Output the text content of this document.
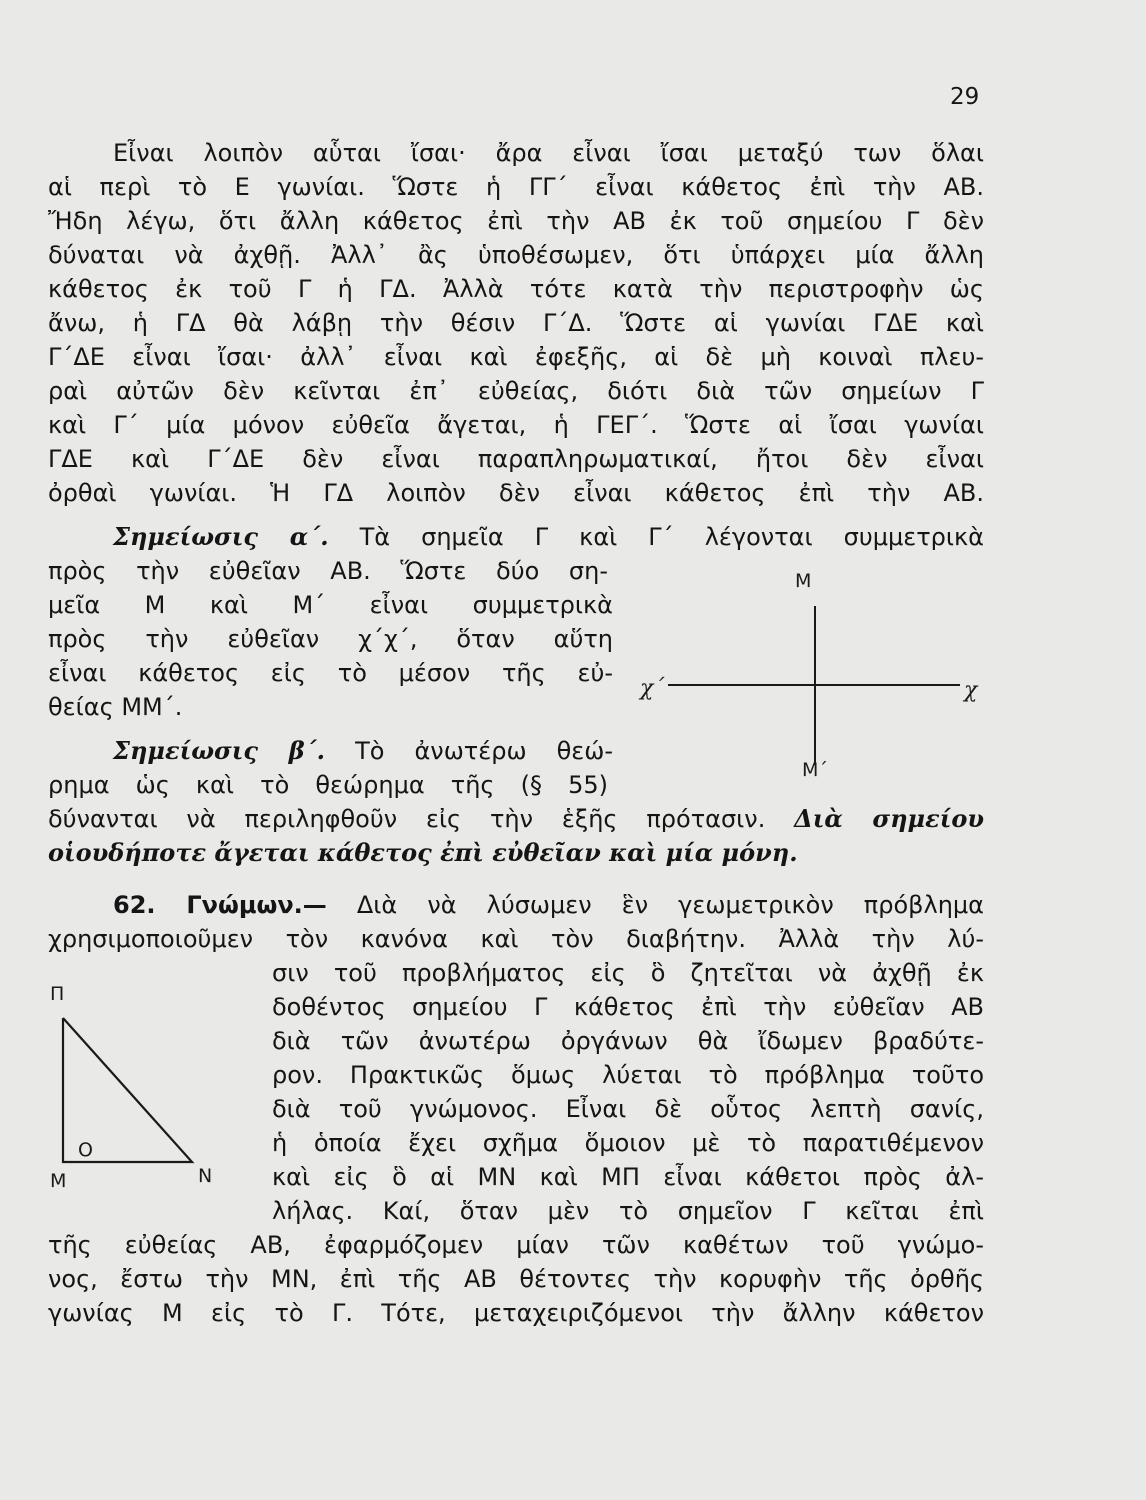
29

Εἶναι λοιπὸν αὗται ἴσαι· ἄρα εἶναι ἴσαι μεταξύ των ὅλαι

αἱ περὶ τὸ Ε γωνίαι. Ὥστε ἡ ΓΓ΄ εἶναι κάθετος ἐπὶ τὴν ΑΒ.

Ἤδη λέγω, ὅτι ἄλλη κάθετος ἐπὶ τὴν ΑΒ ἐκ τοῦ σημείου Γ δὲν

δύναται νὰ ἀχθῇ. Ἀλλ᾽ ἂς ὑποθέσωμεν, ὅτι ὑπάρχει μία ἄλλη

κάθετος ἐκ τοῦ Γ ἡ ΓΔ. Ἀλλὰ τότε κατὰ τὴν περιστροφὴν ὡς

ἄνω, ἡ ΓΔ θὰ λάβῃ τὴν θέσιν Γ΄Δ. Ὥστε αἱ γωνίαι ΓΔΕ καὶ

Γ΄ΔΕ εἶναι ἴσαι· ἀλλ᾽ εἶναι καὶ ἐφεξῆς, αἱ δὲ μὴ κοιναὶ πλευ-

ραὶ αὐτῶν δὲν κεῖνται ἐπ᾽ εὐθείας, διότι διὰ τῶν σημείων Γ

καὶ Γ΄ μία μόνον εὐθεῖα ἄγεται, ἡ ΓΕΓ΄. Ὥστε αἱ ἴσαι γωνίαι

ΓΔΕ καὶ Γ΄ΔΕ δὲν εἶναι παραπληρωματικαί, ἤτοι δὲν εἶναι

ὀρθαὶ γωνίαι. Ἡ ΓΔ λοιπὸν δὲν εἶναι κάθετος ἐπὶ τὴν ΑΒ.

Σημείωσις α΄. Τὰ σημεῖα Γ καὶ Γ΄ λέγονται συμμετρικὰ

πρὸς τὴν εὐθεῖαν ΑΒ. Ὥστε δύο ση-

μεῖα Μ καὶ Μ΄ εἶναι συμμετρικὰ

πρὸς τὴν εὐθεῖαν χ΄χ΄, ὅταν αὕτη

εἶναι κάθετος εἰς τὸ μέσον τῆς εὐ-

θείας ΜΜ΄.

Σημείωσις β΄. Τὸ ἀνωτέρω θεώ-

ρημα ὡς καὶ τὸ θεώρημα τῆς (§ 55)

δύνανται νὰ περιληφθοῦν εἰς τὴν ἑξῆς πρότασιν. Διὰ σημείου

οἱουδήποτε ἄγεται κάθετος ἐπὶ εὐθεῖαν καὶ μία μόνη.

62. Γνώμων.— Διὰ νὰ λύσωμεν ἓν γεωμετρικὸν πρόβλημα

χρησιμοποιοῦμεν τὸν κανόνα καὶ τὸν διαβήτην. Ἀλλὰ τὴν λύ-

σιν τοῦ προβλήματος εἰς ὃ ζητεῖται νὰ ἀχθῇ ἐκ

δοθέντος σημείου Γ κάθετος ἐπὶ τὴν εὐθεῖαν ΑΒ

διὰ τῶν ἀνωτέρω ὀργάνων θὰ ἴδωμεν βραδύτε-

ρον. Πρακτικῶς ὅμως λύεται τὸ πρόβλημα τοῦτο

διὰ τοῦ γνώμονος. Εἶναι δὲ οὗτος λεπτὴ σανίς,

ἡ ὁποία ἔχει σχῆμα ὅμοιον μὲ τὸ παρατιθέμενον

καὶ εἰς ὃ αἱ ΜΝ καὶ ΜΠ εἶναι κάθετοι πρὸς ἀλ-

λήλας. Καί, ὅταν μὲν τὸ σημεῖον Γ κεῖται ἐπὶ

τῆς εὐθείας ΑΒ, ἐφαρμόζομεν μίαν τῶν καθέτων τοῦ γνώμο-

νος, ἔστω τὴν ΜΝ, ἐπὶ τῆς ΑΒ θέτοντες τὴν κορυφὴν τῆς ὀρθῆς

γωνίας Μ εἰς τὸ Γ. Τότε, μεταχειριζόμενοι τὴν ἄλλην κάθετον

Μ
Μ΄
χ΄	χ
Π
Ο
Μ	Ν
